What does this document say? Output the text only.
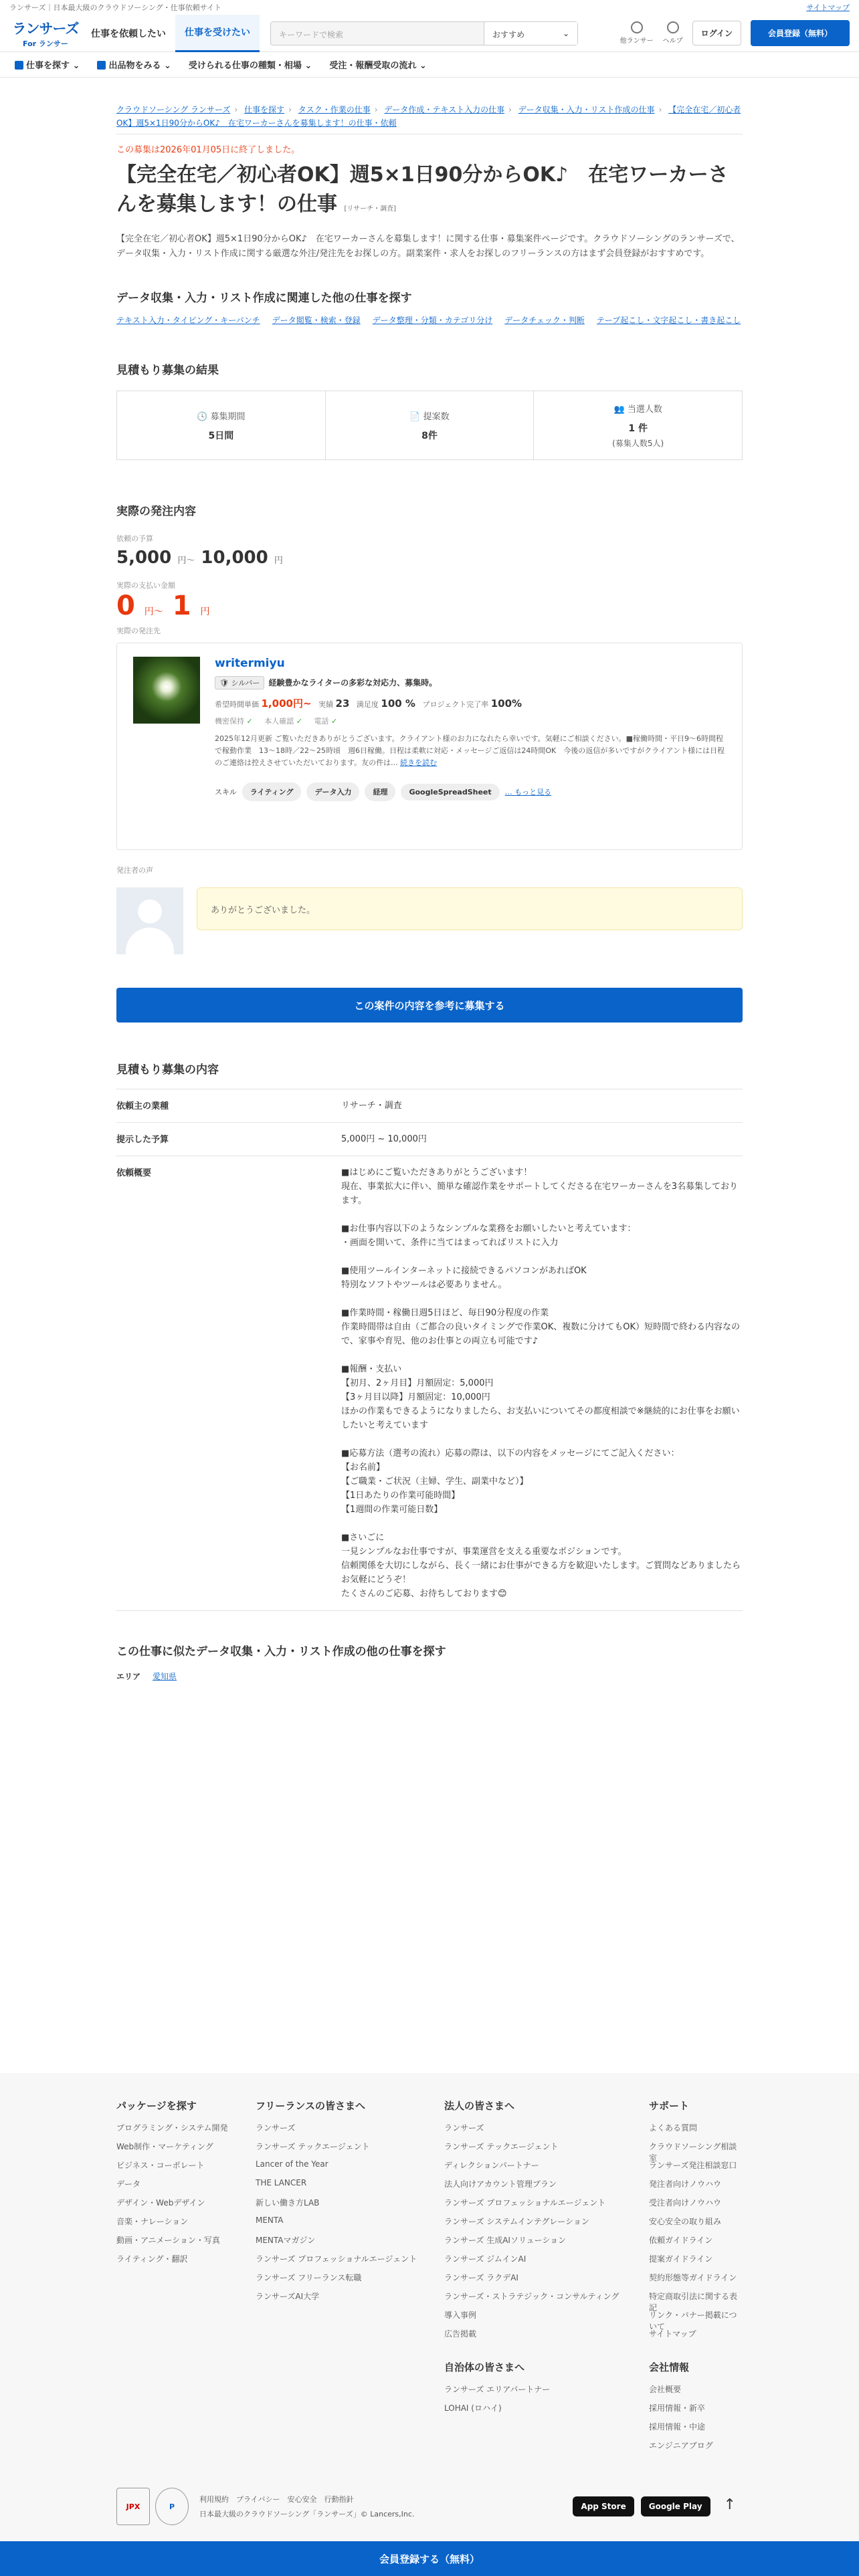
ランサーズ｜日本最大級のクラウドソーシング・仕事依頼サイト	サイトマップ
ランサーズ
For ランサー
仕事を依頼したい	仕事を受けたい	キーワードで検索	おすすめ	⌄
他ランサー ヘルプ
ログイン	会員登録（無料）
仕事を探す ⌄	出品物をみる ⌄ 受けられる仕事の種類・相場 ⌄ 受注・報酬受取の流れ ⌄
クラウドソーシング ランサーズ › 仕事を探す › タスク・作業の仕事 › データ作成・テキスト入力の仕事 › データ収集・入力・リスト作成の仕事 › 【完全在宅／初心者OK】週5×1日90分からOK♪　在宅ワーカーさんを募集します！の仕事・依頼
この募集は2026年01月05日に終了しました。
【完全在宅／初心者OK】週5×1日90分からOK♪　在宅ワーカーさんを募集します！の仕事 [リサーチ・調査]

【完全在宅／初心者OK】週5×1日90分からOK♪　在宅ワーカーさんを募集します！に関する仕事・募集案件ページです。クラウドソーシングのランサーズで、データ収集・入力・リスト作成に関する厳選な外注/発注先をお探しの方。副業案件・求人をお探しのフリーランスの方はまず会員登録がおすすめです。

データ収集・入力・リスト作成に関連した他の仕事を探す
テキスト入力・タイピング・キーパンチ データ閲覧・検索・登録 データ整理・分類・カテゴリ分け データチェック・判断 テープ起こし・文字起こし・書き起こし
見積もり募集の結果
🕓 募集期間
5日間
📄 提案数
8件
👥 当選人数
1 件
(募集人数5人)
実際の発注内容
依頼の予算
5,000 円～ 10,000 円
実際の支払い金額
0 円～ 1 円
実際の発注先
writermiyu
🛡 シルバー 経験豊かなライターの多彩な対応力、募集時。
希望時間単価 1,000円~ 実績 23 満足度 100 % プロジェクト完了率 100%
機密保持 ✓ 本人確認 ✓ 電話 ✓
2025年12月更新 ご覧いただきありがとうございます。クライアント様のお力になれたら幸いです。気軽にご相談ください。■稼働時間・平日9〜6時間程で稼動作業　13〜18時／22〜25時頃　週6日稼働。日程は柔軟に対応・メッセージご返信は24時間OK　今後の返信が多いですがクライアント様には日程のご連絡は控えさせていただいております。友の件は... 続きを読む
スキル	ライティング	データ入力	経理	GoogleSpreadSheet	… もっと見る
発注者の声
ありがとうございました。
この案件の内容を参考に募集する
見積もり募集の内容
依頼主の業種	リサーチ・調査
提示した予算	5,000円 ~ 10,000円
依頼概要	■はじめにご覧いただきありがとうございます！
現在、事業拡大に伴い、簡単な確認作業をサポートしてくださる在宅ワーカーさんを3名募集しております。

■お仕事内容以下のようなシンプルな業務をお願いしたいと考えています：
・画面を開いて、条件に当てはまってればリストに入力

■使用ツールインターネットに接続できるパソコンがあればOK
特別なソフトやツールは必要ありません。

■作業時間・稼働日週5日ほど、毎日90分程度の作業
作業時間帯は自由（ご都合の良いタイミングで作業OK、複数に分けてもOK）短時間で終わる内容なので、家事や育児、他のお仕事との両立も可能です♪

■報酬・支払い
【初月、2ヶ月目】月額固定：5,000円
【3ヶ月目以降】月額固定：10,000円
ほかの作業もできるようになりましたら、お支払いについてその都度相談で※継続的にお仕事をお願いしたいと考えています

■応募方法（選考の流れ）応募の際は、以下の内容をメッセージにてご記入ください：
【お名前】
【ご職業・ご状況（主婦、学生、副業中など）】
【1日あたりの作業可能時間】
【1週間の作業可能日数】

■さいごに
一見シンプルなお仕事ですが、事業運営を支える重要なポジションです。
信頼関係を大切にしながら、長く一緒にお仕事ができる方を歓迎いたします。ご質問などありましたらお気軽にどうぞ！
たくさんのご応募、お待ちしております😊
この仕事に似たデータ収集・入力・リスト作成の他の仕事を探す
エリア 愛知県
パッケージを探す
プログラミング・システム開発
Web制作・マーケティング
ビジネス・コーポレート
データ
デザイン・Webデザイン
音楽・ナレーション
動画・アニメーション・写真
ライティング・翻訳
フリーランスの皆さまへ
ランサーズ
ランサーズ テックエージェント
Lancer of the Year
THE LANCER
新しい働き方LAB
MENTA
MENTAマガジン
ランサーズ プロフェッショナルエージェント
ランサーズ フリーランス転職
ランサーズAI大学
法人の皆さまへ
ランサーズ
ランサーズ テックエージェント
ディレクションパートナー
法人向けアカウント管理プラン
ランサーズ プロフェッショナルエージェント
ランサーズ システムインテグレーション
ランサーズ 生成AIソリューション
ランサーズ ジムインAI
ランサーズ ラクデAI
ランサーズ・ストラテジック・コンサルティング
導入事例
広告掲載
自治体の皆さまへ
ランサーズ エリアパートナー
LOHAI (ロハイ)
サポート
よくある質問
クラウドソーシング相談室
ランサーズ発注相談窓口
発注者向けノウハウ
受注者向けノウハウ
安心安全の取り組み
依頼ガイドライン
提案ガイドライン
契約形態等ガイドライン
特定商取引法に関する表記
リンク・バナー掲載について
サイトマップ
会社情報
会社概要
採用情報・新卒
採用情報・中途
エンジニアブログ
JPX	P
利用規約　プライバシー　安心安全　行動指針
日本最大級のクラウドソーシング「ランサーズ」© Lancers,Inc.
App Store	Google Play	↑
会員登録する（無料）
